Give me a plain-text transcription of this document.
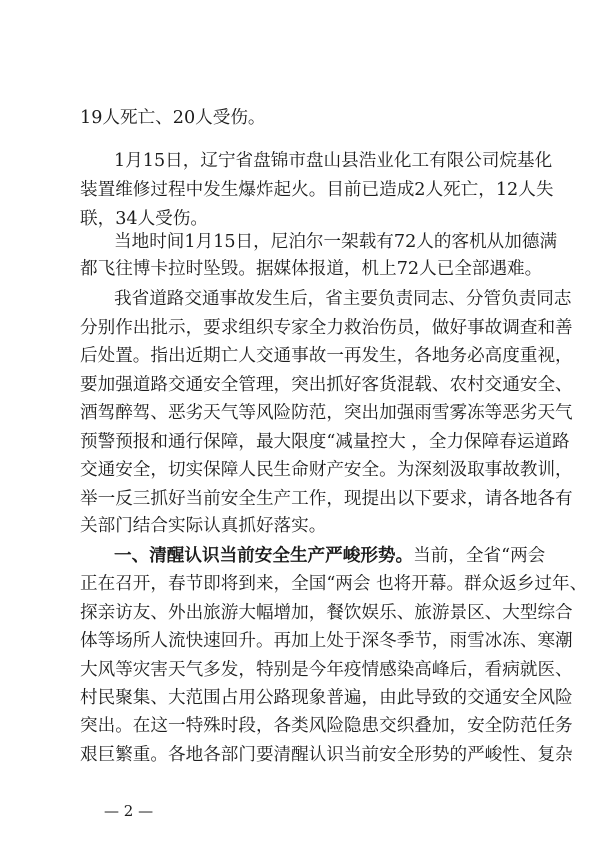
19人死亡、20人受伤。
1月15日，辽宁省盘锦市盘山县浩业化工有限公司烷基化
装置维修过程中发生爆炸起火。目前已造成2人死亡，12人失
联，34人受伤。
当地时间1月15日，尼泊尔一架载有72人的客机从加德满
都飞往博卡拉时坠毁。据媒体报道，机上72人已全部遇难。
我省道路交通事故发生后，省主要负责同志、分管负责同志
分别作出批示，要求组织专家全力救治伤员，做好事故调查和善
后处置。指出近期亡人交通事故一再发生，各地务必高度重视，
要加强道路交通安全管理，突出抓好客货混载、农村交通安全、
酒驾醉驾、恶劣天气等风险防范，突出加强雨雪雾冻等恶劣天气
预警预报和通行保障，最大限度“减量控大 ，全力保障春运道路
交通安全，切实保障人民生命财产安全。为深刻汲取事故教训，
举一反三抓好当前安全生产工作，现提出以下要求，请各地各有
关部门结合实际认真抓好落实。
一、清醒认识当前安全生产严峻形势。当前，全省“两会
正在召开，春节即将到来，全国“两会 也将开幕。群众返乡过年、
探亲访友、外出旅游大幅增加，餐饮娱乐、旅游景区、大型综合
体等场所人流快速回升。再加上处于深冬季节，雨雪冰冻、寒潮
大风等灾害天气多发，特别是今年疫情感染高峰后，看病就医、
村民聚集、大范围占用公路现象普遍，由此导致的交通安全风险
突出。在这一特殊时段，各类风险隐患交织叠加，安全防范任务
艰巨繁重。各地各部门要清醒认识当前安全形势的严峻性、复杂
— 2 —
